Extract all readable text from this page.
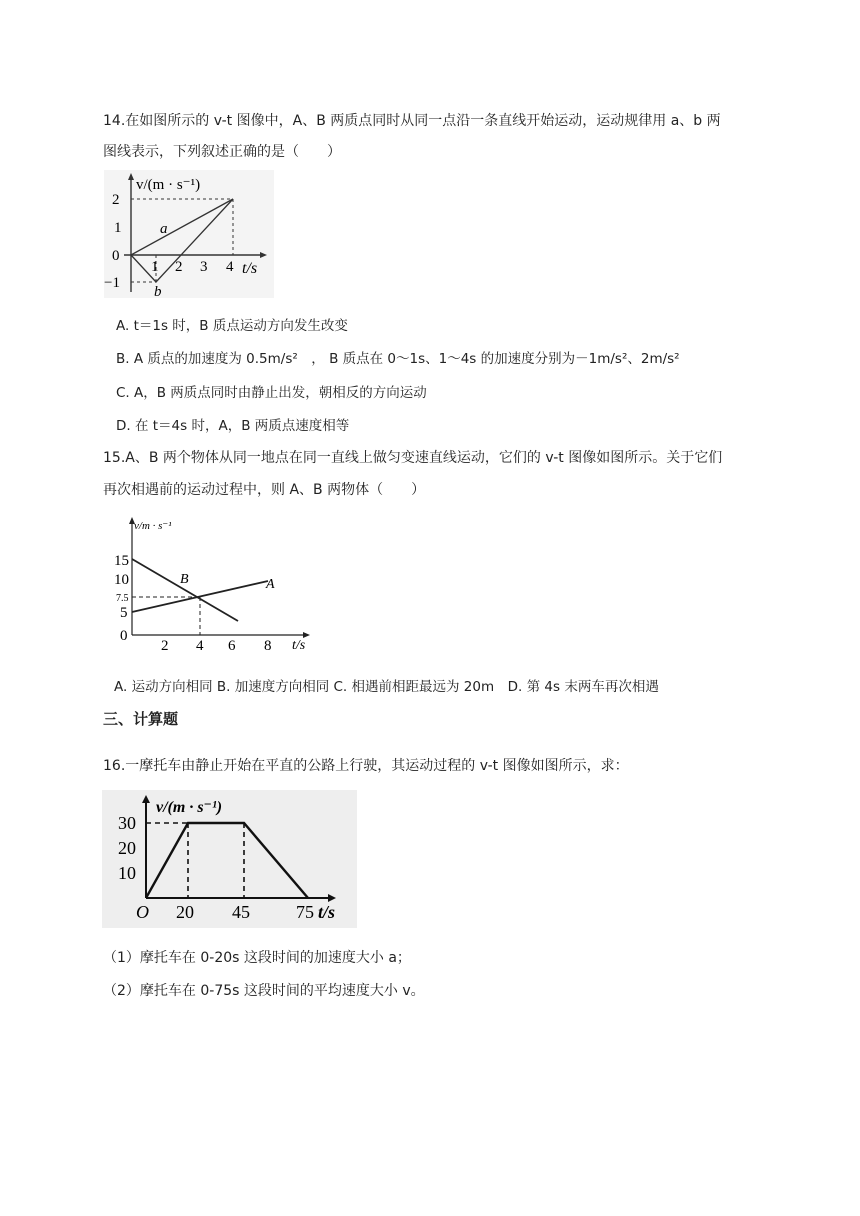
14.在如图所示的 v-t 图像中，A、B 两质点同时从同一点沿一条直线开始运动，运动规律用 a、b 两
图线表示，下列叙述正确的是（　　）
2
1
0
−1
1 2 3 4
v/(m · s⁻¹)
t/s
a
b
A. t＝1s 时，B 质点运动方向发生改变
B. A 质点的加速度为 0.5m/s²　， B 质点在 0～1s、1～4s 的加速度分别为－1m/s²、2m/s²
C. A，B 两质点同时由静止出发，朝相反的方向运动
D. 在 t＝4s 时，A，B 两质点速度相等
15.A、B 两个物体从同一地点在同一直线上做匀变速直线运动，它们的 v-t 图像如图所示。关于它们
再次相遇前的运动过程中，则 A、B 两物体（　　）
v/m · s⁻¹
15
10
7.5
5
0
2 4 6 8 t/s
A
B
A. 运动方向相同 B. 加速度方向相同 C. 相遇前相距最远为 20m　D. 第 4s 末两车再次相遇
三、计算题
16.一摩托车由静止开始在平直的公路上行驶，其运动过程的 v-t 图像如图所示，求：
v/(m · s⁻¹)
30
20
10
O 20 45	75 t/s
（1）摩托车在 0-20s 这段时间的加速度大小 a；
（2）摩托车在 0-75s 这段时间的平均速度大小 v。
